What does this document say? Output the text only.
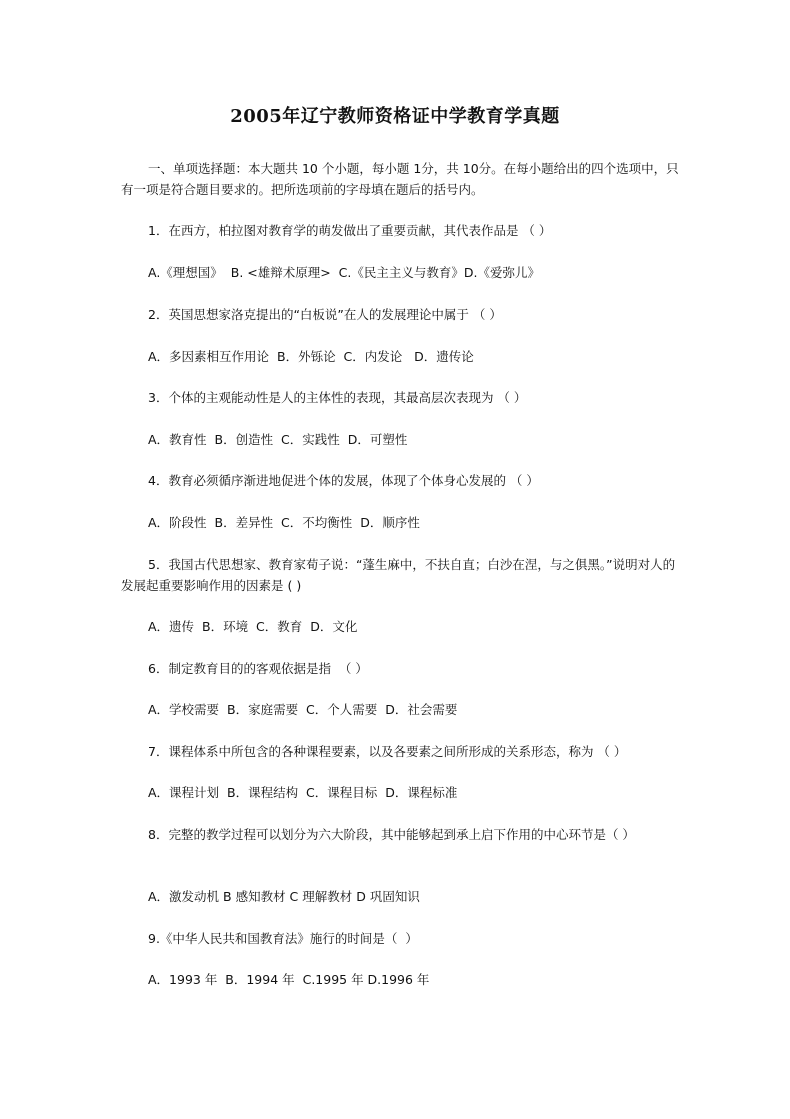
2005年辽宁教师资格证中学教育学真题
一、单项选择题：本大题共 10 个小题，每小题 1分，共 10分。在每小题给出的四个选项中，只有一项是符合题目要求的。把所选项前的字母填在题后的括号内。
1．在西方，柏拉图对教育学的萌发做出了重要贡献，其代表作品是 （ ）
A.《理想国》  B. <雄辩术原理>  C.《民主主义与教育》D.《爱弥儿》
2．英国思想家洛克提出的“白板说”在人的发展理论中属于 （ ）
A．多因素相互作用论  B．外铄论  C．内发论   D．遗传论
3．个体的主观能动性是人的主体性的表现，其最高层次表现为 （ ）
A．教育性  B．创造性  C．实践性  D．可塑性
4．教育必须循序渐进地促进个体的发展，体现了个体身心发展的 （ ）
A．阶段性  B．差异性  C．不均衡性  D．顺序性
5．我国古代思想家、教育家荀子说：“蓬生麻中，不扶自直；白沙在涅，与之俱黑。”说明对人的发展起重要影响作用的因素是 ( )
A．遗传  B．环境  C．教育  D．文化
6．制定教育目的的客观依据是指  （ ）
A．学校需要  B．家庭需要  C．个人需要  D．社会需要
7．课程体系中所包含的各种课程要素，以及各要素之间所形成的关系形态，称为 （ ）
A．课程计划  B．课程结构  C．课程目标  D．课程标准
8．完整的教学过程可以划分为六大阶段，其中能够起到承上启下作用的中心环节是（ ）
A．激发动机 B 感知教材 C 理解教材 D 巩固知识
9.《中华人民共和国教育法》施行的时间是（  ）
A．1993 年  B．1994 年  C.1995 年 D.1996 年
